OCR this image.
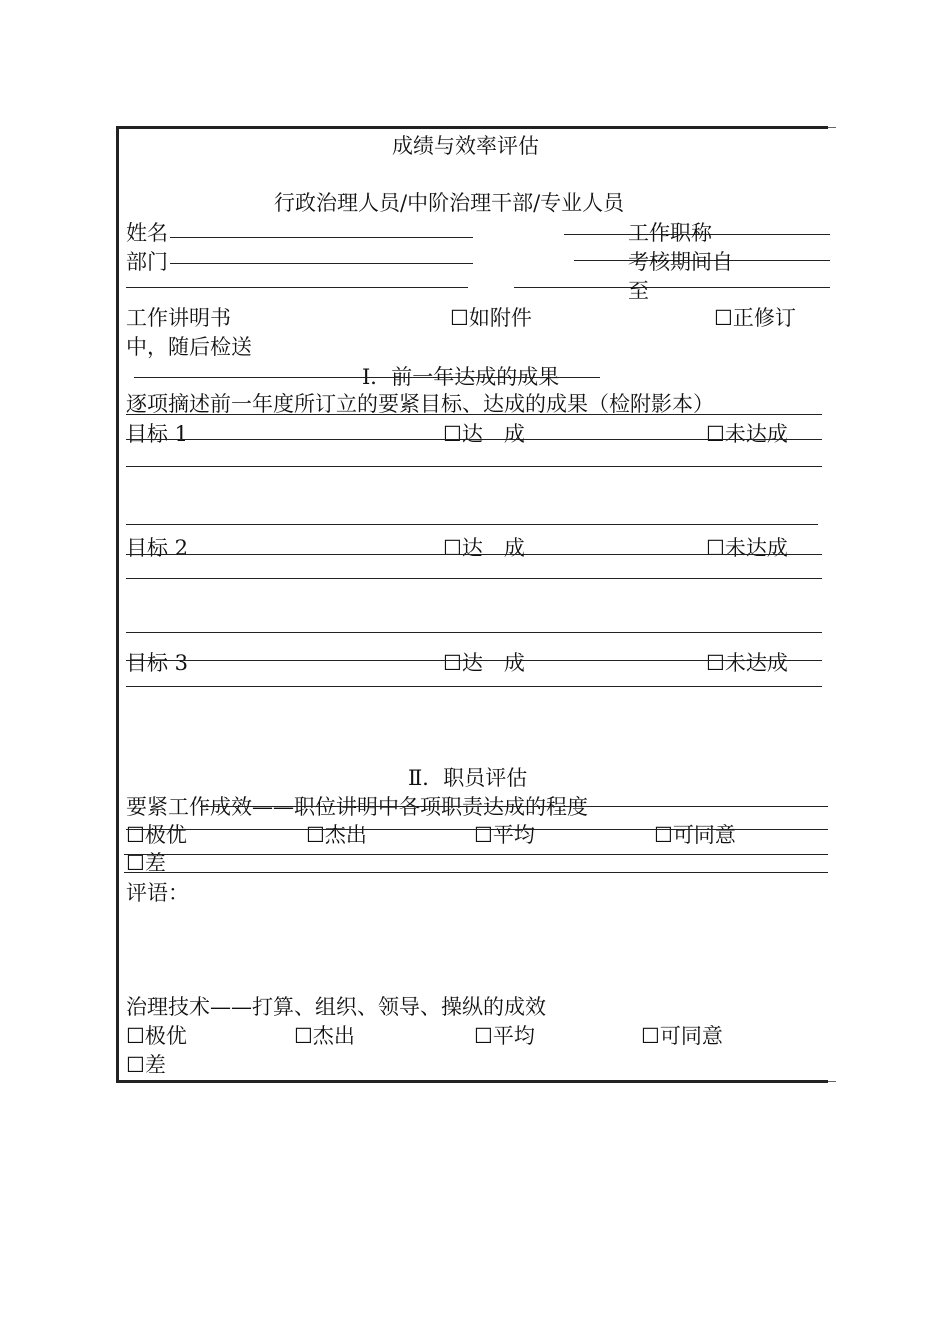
成绩与效率评估
行政治理人员/中阶治理干部/专业人员
姓名	工作职称
部门	考核期间自
至
工作讲明书	☐如附件	☐正修订
中，随后检送
Ⅰ．前一年达成的成果
逐项摘述前一年度所订立的要紧目标、达成的成果（检附影本）
目标 1	☐达　成	☐未达成
目标 2	☐达　成	☐未达成
目标 3	☐达　成	☐未达成
Ⅱ．职员评估
要紧工作成效——职位讲明中各项职责达成的程度
☐极优	☐杰出	☐平均	☐可同意
☐差
评语：
治理技术——打算、组织、领导、操纵的成效
☐极优	☐杰出	☐平均	☐可同意
☐差
